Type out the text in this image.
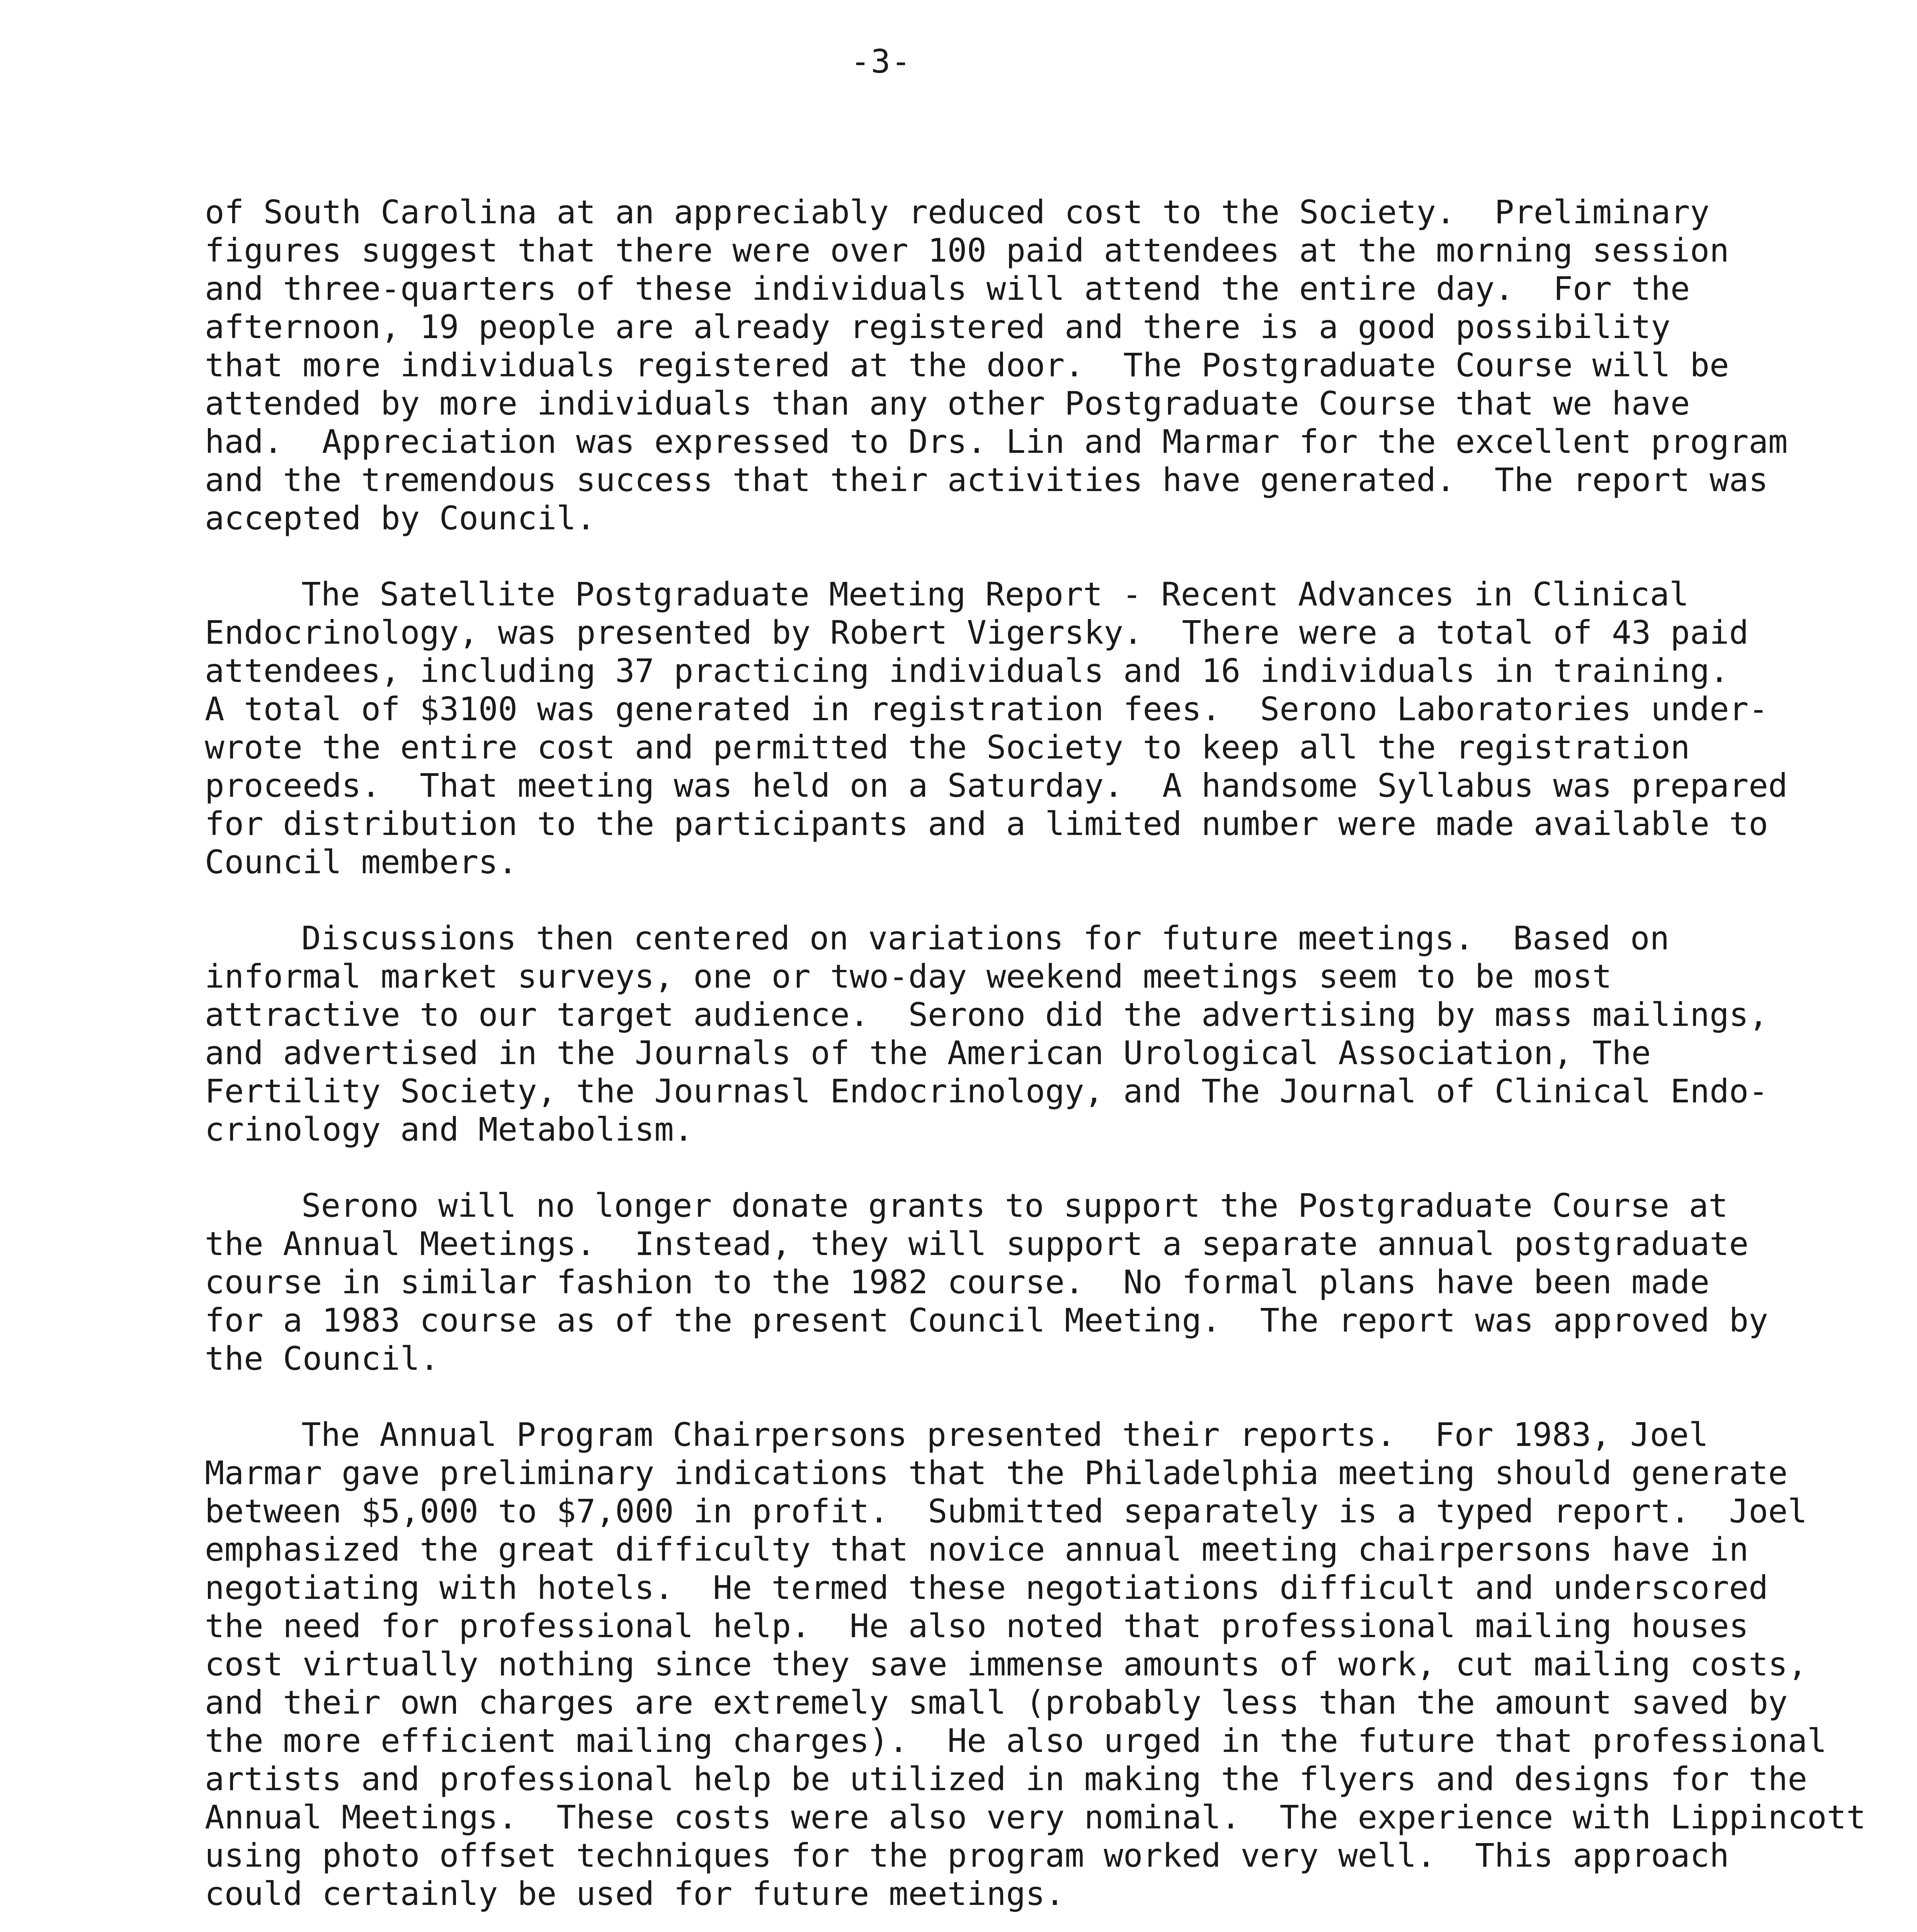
-3-
of South Carolina at an appreciably reduced cost to the Society.  Preliminary
figures suggest that there were over 100 paid attendees at the morning session
and three-quarters of these individuals will attend the entire day.  For the
afternoon, 19 people are already registered and there is a good possibility
that more individuals registered at the door.  The Postgraduate Course will be
attended by more individuals than any other Postgraduate Course that we have
had.  Appreciation was expressed to Drs. Lin and Marmar for the excellent program
and the tremendous success that their activities have generated.  The report was
accepted by Council.
The Satellite Postgraduate Meeting Report - Recent Advances in Clinical
Endocrinology, was presented by Robert Vigersky.  There were a total of 43 paid
attendees, including 37 practicing individuals and 16 individuals in training.
A total of $3100 was generated in registration fees.  Serono Laboratories under-
wrote the entire cost and permitted the Society to keep all the registration
proceeds.  That meeting was held on a Saturday.  A handsome Syllabus was prepared
for distribution to the participants and a limited number were made available to
Council members.
Discussions then centered on variations for future meetings.  Based on
informal market surveys, one or two-day weekend meetings seem to be most
attractive to our target audience.  Serono did the advertising by mass mailings,
and advertised in the Journals of the American Urological Association, The
Fertility Society, the Journasl Endocrinology, and The Journal of Clinical Endo-
crinology and Metabolism.
Serono will no longer donate grants to support the Postgraduate Course at
the Annual Meetings.  Instead, they will support a separate annual postgraduate
course in similar fashion to the 1982 course.  No formal plans have been made
for a 1983 course as of the present Council Meeting.  The report was approved by
the Council.
The Annual Program Chairpersons presented their reports.  For 1983, Joel
Marmar gave preliminary indications that the Philadelphia meeting should generate
between $5,000 to $7,000 in profit.  Submitted separately is a typed report.  Joel
emphasized the great difficulty that novice annual meeting chairpersons have in
negotiating with hotels.  He termed these negotiations difficult and underscored
the need for professional help.  He also noted that professional mailing houses
cost virtually nothing since they save immense amounts of work, cut mailing costs,
and their own charges are extremely small (probably less than the amount saved by
the more efficient mailing charges).  He also urged in the future that professional
artists and professional help be utilized in making the flyers and designs for the
Annual Meetings.  These costs were also very nominal.  The experience with Lippincott
using photo offset techniques for the program worked very well.  This approach
could certainly be used for future meetings.
